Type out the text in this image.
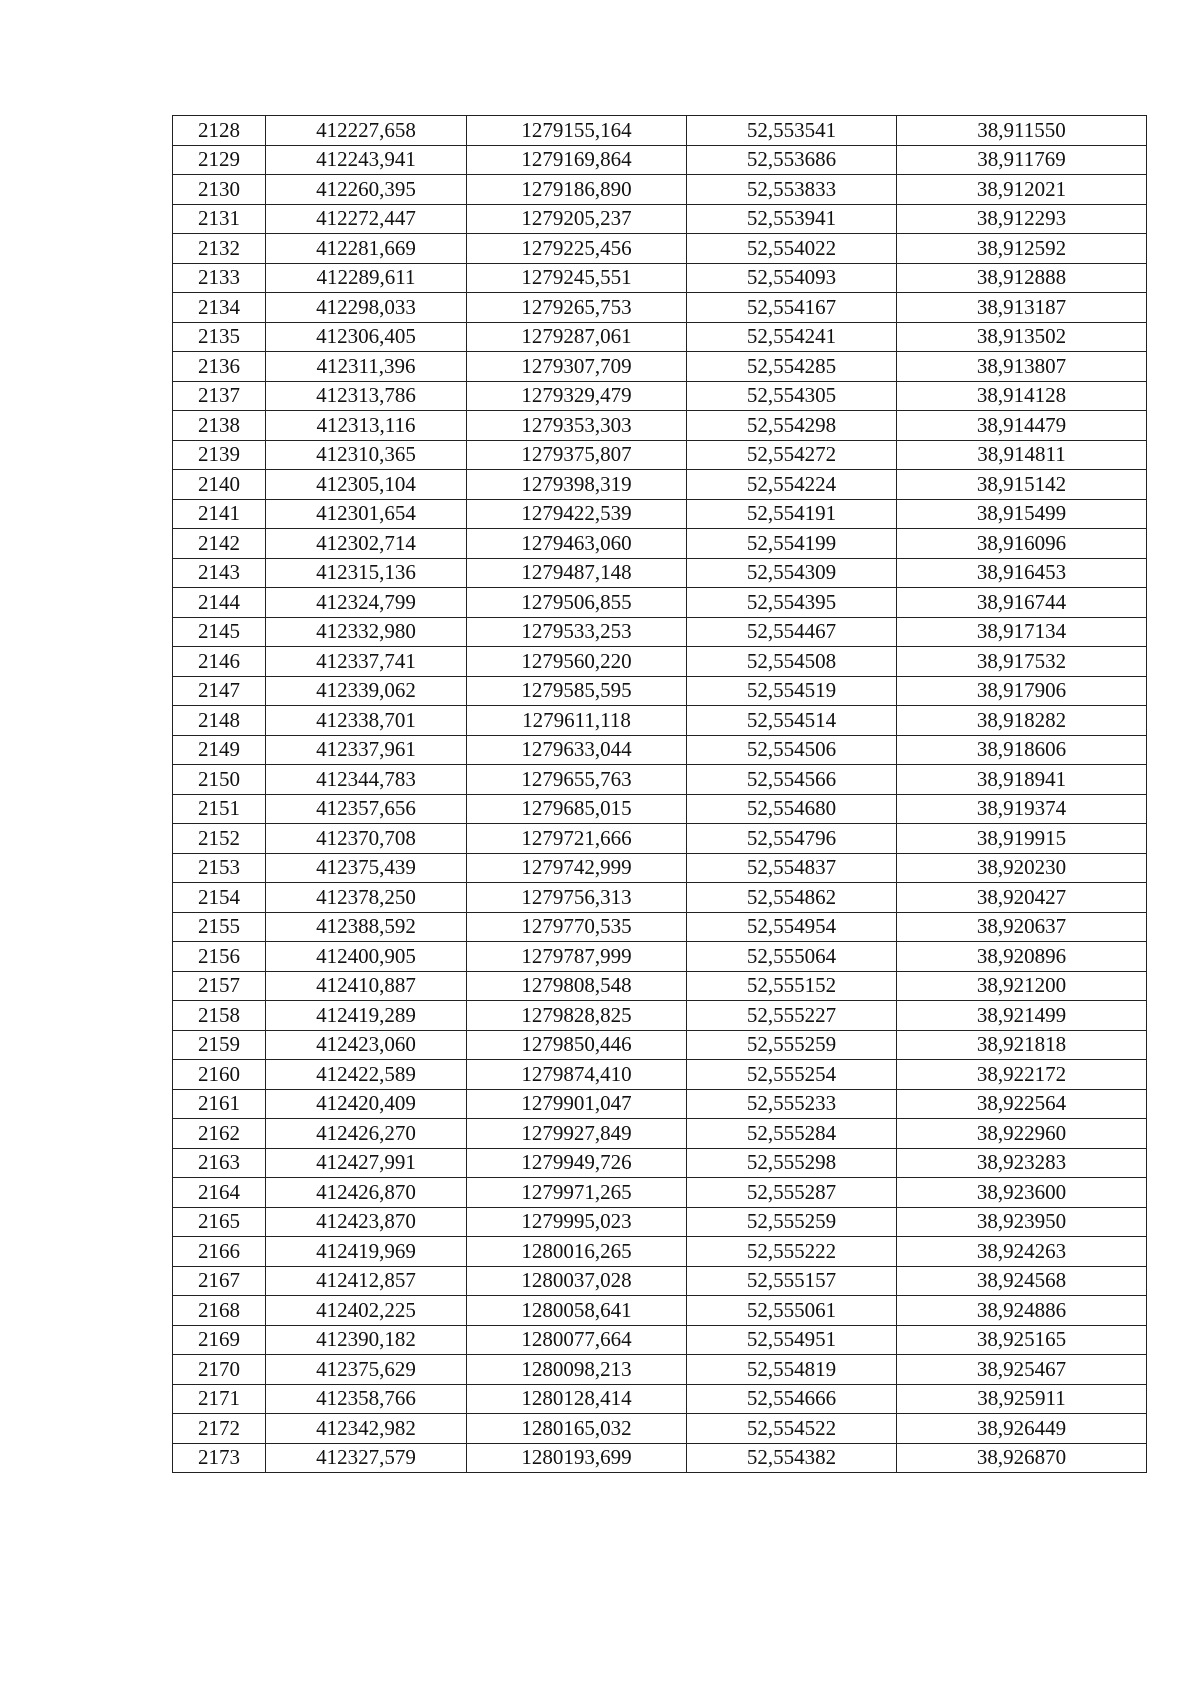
2128	412227,658	1279155,164	52,553541	38,911550
2129	412243,941	1279169,864	52,553686	38,911769
2130	412260,395	1279186,890	52,553833	38,912021
2131	412272,447	1279205,237	52,553941	38,912293
2132	412281,669	1279225,456	52,554022	38,912592
2133	412289,611	1279245,551	52,554093	38,912888
2134	412298,033	1279265,753	52,554167	38,913187
2135	412306,405	1279287,061	52,554241	38,913502
2136	412311,396	1279307,709	52,554285	38,913807
2137	412313,786	1279329,479	52,554305	38,914128
2138	412313,116	1279353,303	52,554298	38,914479
2139	412310,365	1279375,807	52,554272	38,914811
2140	412305,104	1279398,319	52,554224	38,915142
2141	412301,654	1279422,539	52,554191	38,915499
2142	412302,714	1279463,060	52,554199	38,916096
2143	412315,136	1279487,148	52,554309	38,916453
2144	412324,799	1279506,855	52,554395	38,916744
2145	412332,980	1279533,253	52,554467	38,917134
2146	412337,741	1279560,220	52,554508	38,917532
2147	412339,062	1279585,595	52,554519	38,917906
2148	412338,701	1279611,118	52,554514	38,918282
2149	412337,961	1279633,044	52,554506	38,918606
2150	412344,783	1279655,763	52,554566	38,918941
2151	412357,656	1279685,015	52,554680	38,919374
2152	412370,708	1279721,666	52,554796	38,919915
2153	412375,439	1279742,999	52,554837	38,920230
2154	412378,250	1279756,313	52,554862	38,920427
2155	412388,592	1279770,535	52,554954	38,920637
2156	412400,905	1279787,999	52,555064	38,920896
2157	412410,887	1279808,548	52,555152	38,921200
2158	412419,289	1279828,825	52,555227	38,921499
2159	412423,060	1279850,446	52,555259	38,921818
2160	412422,589	1279874,410	52,555254	38,922172
2161	412420,409	1279901,047	52,555233	38,922564
2162	412426,270	1279927,849	52,555284	38,922960
2163	412427,991	1279949,726	52,555298	38,923283
2164	412426,870	1279971,265	52,555287	38,923600
2165	412423,870	1279995,023	52,555259	38,923950
2166	412419,969	1280016,265	52,555222	38,924263
2167	412412,857	1280037,028	52,555157	38,924568
2168	412402,225	1280058,641	52,555061	38,924886
2169	412390,182	1280077,664	52,554951	38,925165
2170	412375,629	1280098,213	52,554819	38,925467
2171	412358,766	1280128,414	52,554666	38,925911
2172	412342,982	1280165,032	52,554522	38,926449
2173	412327,579	1280193,699	52,554382	38,926870
